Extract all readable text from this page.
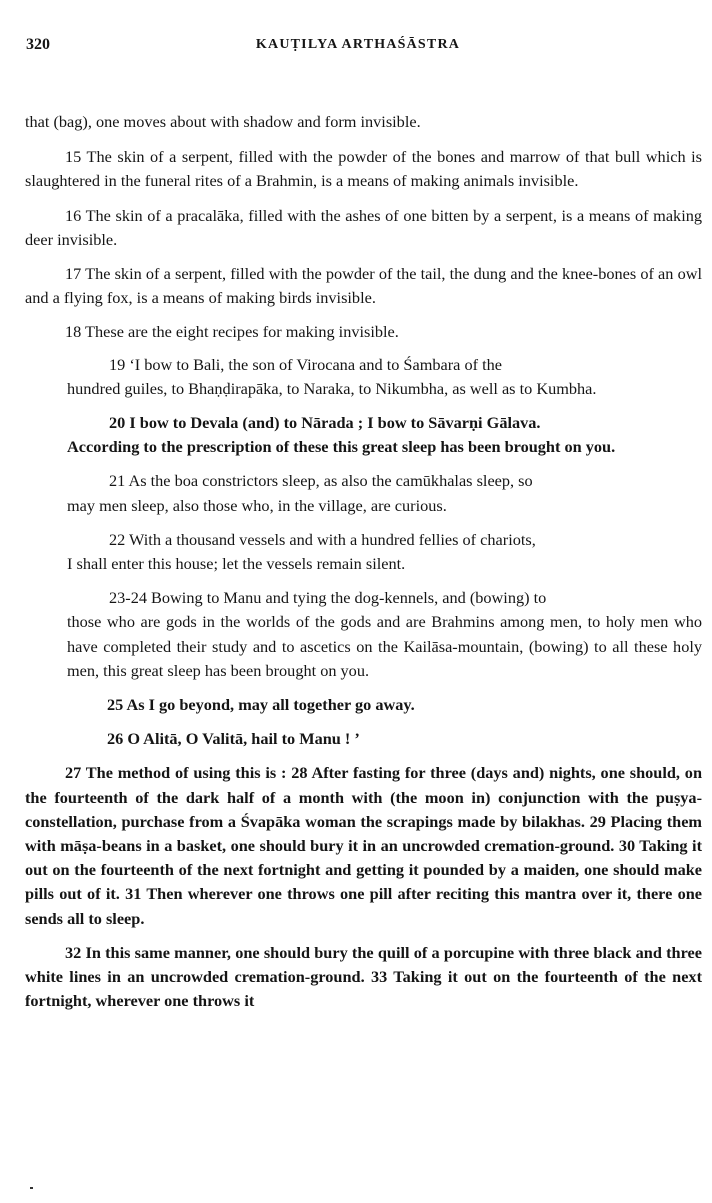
320	KAUṬILYA ARTHAŚĀSTRA

that (bag), one moves about with shadow and form invisible.

15 The skin of a serpent, filled with the powder of the bones and marrow of that bull which is slaughtered in the funeral rites of a Brahmin, is a means of making animals invisible.

16 The skin of a pracalāka, filled with the ashes of one bitten by a serpent, is a means of making deer invisible.

17 The skin of a serpent, filled with the powder of the tail, the dung and the knee-bones of an owl and a flying fox, is a means of making birds invisible.

18 These are the eight recipes for making invisible.

19 ‘I bow to Bali, the son of Virocana and to Śambara of the
hundred guiles, to Bhaṇḍirapāka, to Naraka, to Nikumbha, as well as to Kumbha.

20 I bow to Devala (and) to Nārada ; I bow to Sāvarṇi Gālava.
According to the prescription of these this great sleep has been brought on you.

21 As the boa constrictors sleep, as also the camūkhalas sleep, so
may men sleep, also those who, in the village, are curious.

22 With a thousand vessels and with a hundred fellies of chariots,
I shall enter this house; let the vessels remain silent.

23-24 Bowing to Manu and tying the dog-kennels, and (bowing) to
those who are gods in the worlds of the gods and are Brahmins among men, to holy men who have completed their study and to ascetics on the Kailāsa-mountain, (bowing) to all these holy men, this great sleep has been brought on you.

25 As I go beyond, may all together go away.

26 O Alitā, O Valitā, hail to Manu ! ’

27 The method of using this is : 28 After fasting for three (days and) nights, one should, on the fourteenth of the dark half of a month with (the moon in) conjunction with the puṣya-constellation, purchase from a Śvapāka woman the scrapings made by bilakhas. 29 Placing them with māṣa-beans in a basket, one should bury it in an uncrowded cremation-ground. 30 Taking it out on the fourteenth of the next fortnight and getting it pounded by a maiden, one should make pills out of it. 31 Then wherever one throws one pill after reciting this mantra over it, there one sends all to sleep.

32 In this same manner, one should bury the quill of a porcupine with three black and three white lines in an uncrowded cremation-ground. 33 Taking it out on the fourteenth of the next fortnight, wherever one throws it
